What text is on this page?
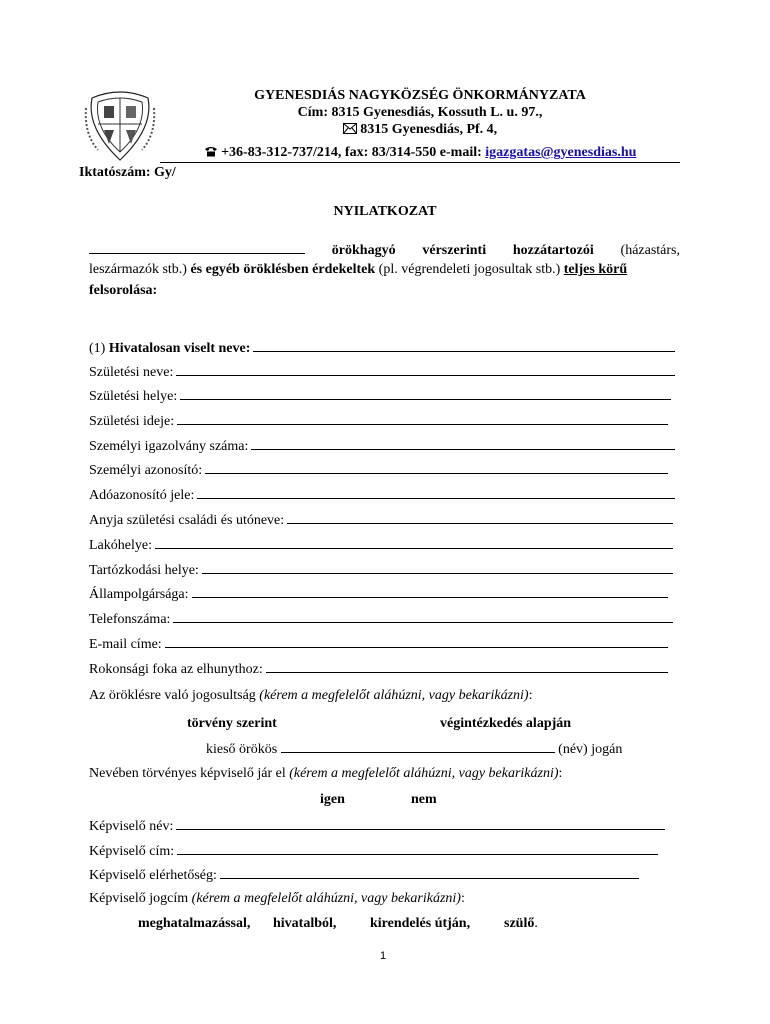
GYENESDIÁS NAGYKÖZSÉG ÖNKORMÁNYZATA
Cím: 8315 Gyenesdiás, Kossuth L. u. 97.,
8315 Gyenesdiás, Pf. 4,
+36-83-312-737/214, fax: 83/314-550 e-mail: igazgatas@gyenesdias.hu
Iktatószám: Gy/
NYILATKOZAT
örökhagyó vérszerinti hozzátartozói (házastárs,
leszármazók stb.) és egyéb öröklésben érdekeltek (pl. végrendeleti jogosultak stb.) teljes körű
felsorolása:
(1) Hivatalosan viselt neve:
Születési neve:
Születési helye:
Születési ideje:
Személyi igazolvány száma:
Személyi azonosító:
Adóazonosító jele:
Anyja születési családi és utóneve:
Lakóhelye:
Tartózkodási helye:
Állampolgársága:
Telefonszáma:
E-mail címe:
Rokonsági foka az elhunythoz:
Az öröklésre való jogosultság (kérem a megfelelőt aláhúzni, vagy bekarikázni):
törvény szerint	végintézkedés alapján
kieső örökös	(név) jogán
Nevében törvényes képviselő jár el (kérem a megfelelőt aláhúzni, vagy bekarikázni):
igen	nem
Képviselő név:
Képviselő cím:
Képviselő elérhetőség:
Képviselő jogcím (kérem a megfelelőt aláhúzni, vagy bekarikázni):
meghatalmazással, hivatalból, kirendelés útján, szülő.
1
